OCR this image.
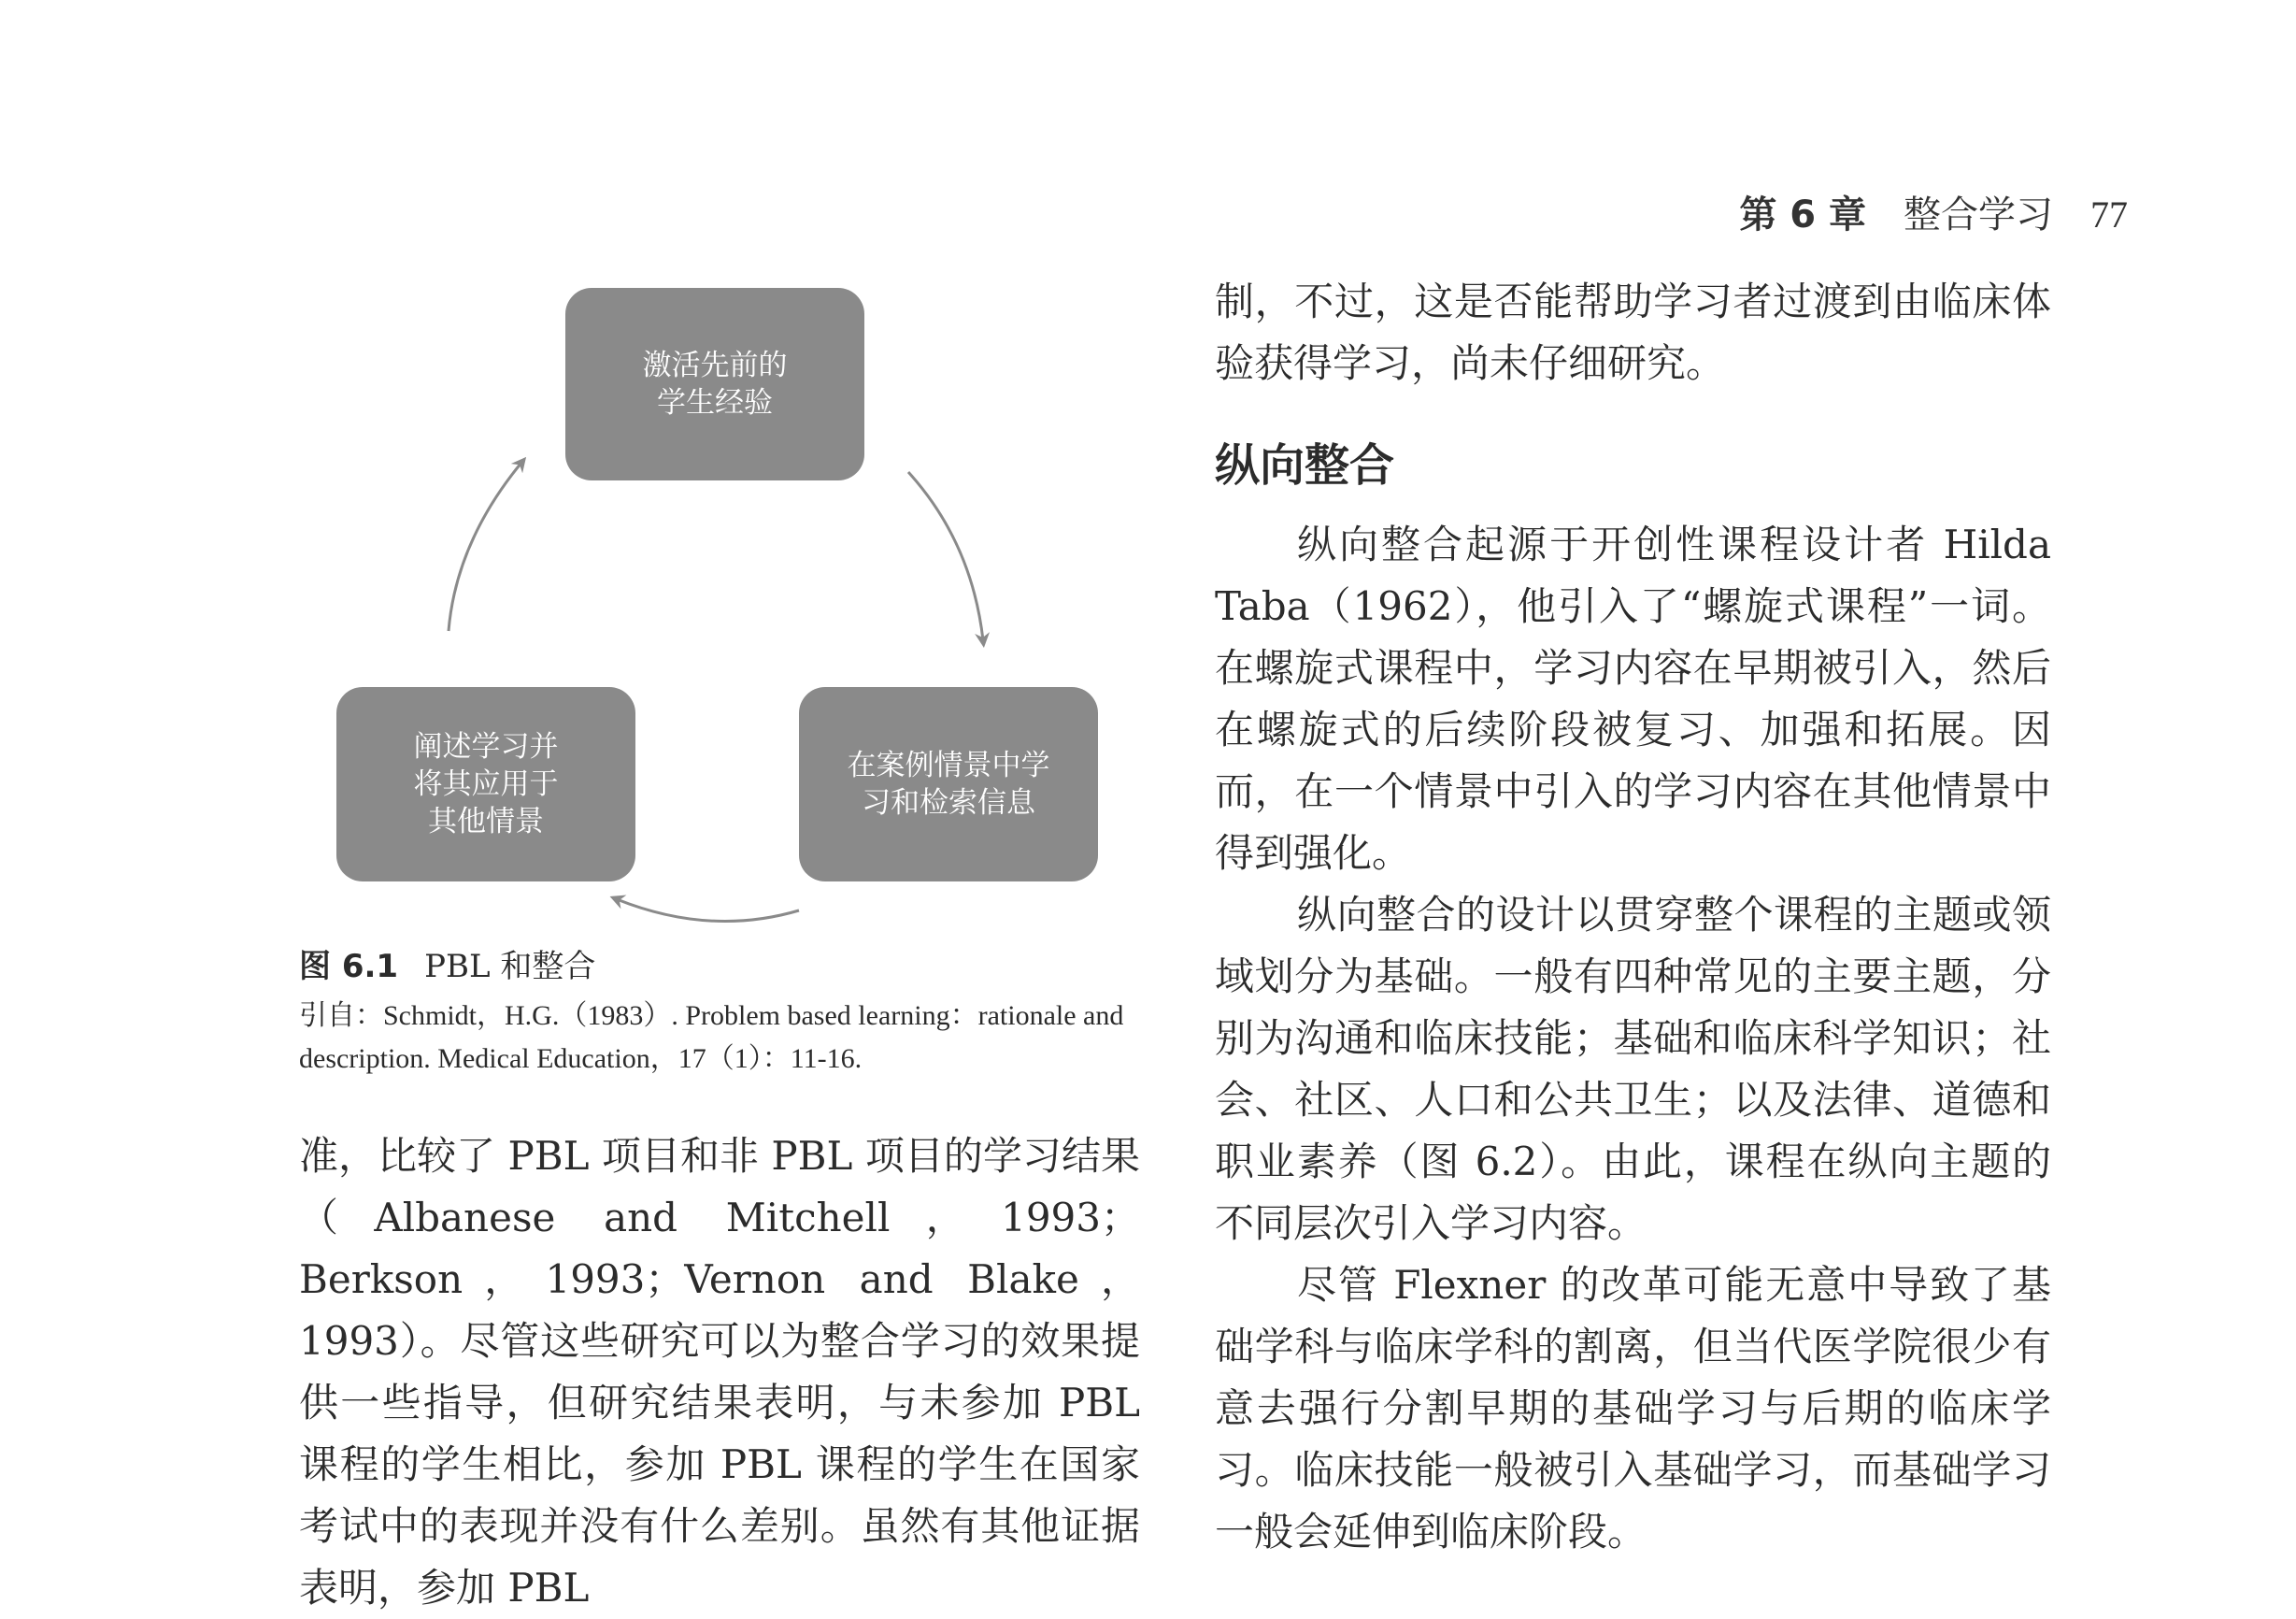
第 6 章 整合学习 77
激活先前的
学生经验
在案例情景中学
习和检索信息
阐述学习并
将其应用于
其他情景
图 6.1 PBL 和整合
引自：Schmidt，H.G.（1983）. Problem based learning：rationale and description. Medical Education，17（1）：11-16.
准，比较了 PBL 项目和非 PBL 项目的学习结果（Albanese and Mitchell，1993；Berkson，1993；Vernon and Blake，1993）。尽管这些研究可以为整合学习的效果提供一些指导，但研究结果表明，与未参加 PBL 课程的学生相比，参加 PBL 课程的学生在国家考试中的表现并没有什么差别。虽然有其他证据表明，参加 PBL

制，不过，这是否能帮助学习者过渡到由临床体验获得学习，尚未仔细研究。

纵向整合

纵向整合起源于开创性课程设计者 Hilda Taba（1962），他引入了“螺旋式课程”一词。在螺旋式课程中，学习内容在早期被引入，然后在螺旋式的后续阶段被复习、加强和拓展。因而，在一个情景中引入的学习内容在其他情景中得到强化。

纵向整合的设计以贯穿整个课程的主题或领域划分为基础。一般有四种常见的主要主题，分别为沟通和临床技能；基础和临床科学知识；社会、社区、人口和公共卫生；以及法律、道德和职业素养（图 6.2）。由此，课程在纵向主题的不同层次引入学习内容。

尽管 Flexner 的改革可能无意中导致了基础学科与临床学科的割离，但当代医学院很少有意去强行分割早期的基础学习与后期的临床学习。临床技能一般被引入基础学习，而基础学习一般会延伸到临床阶段。
